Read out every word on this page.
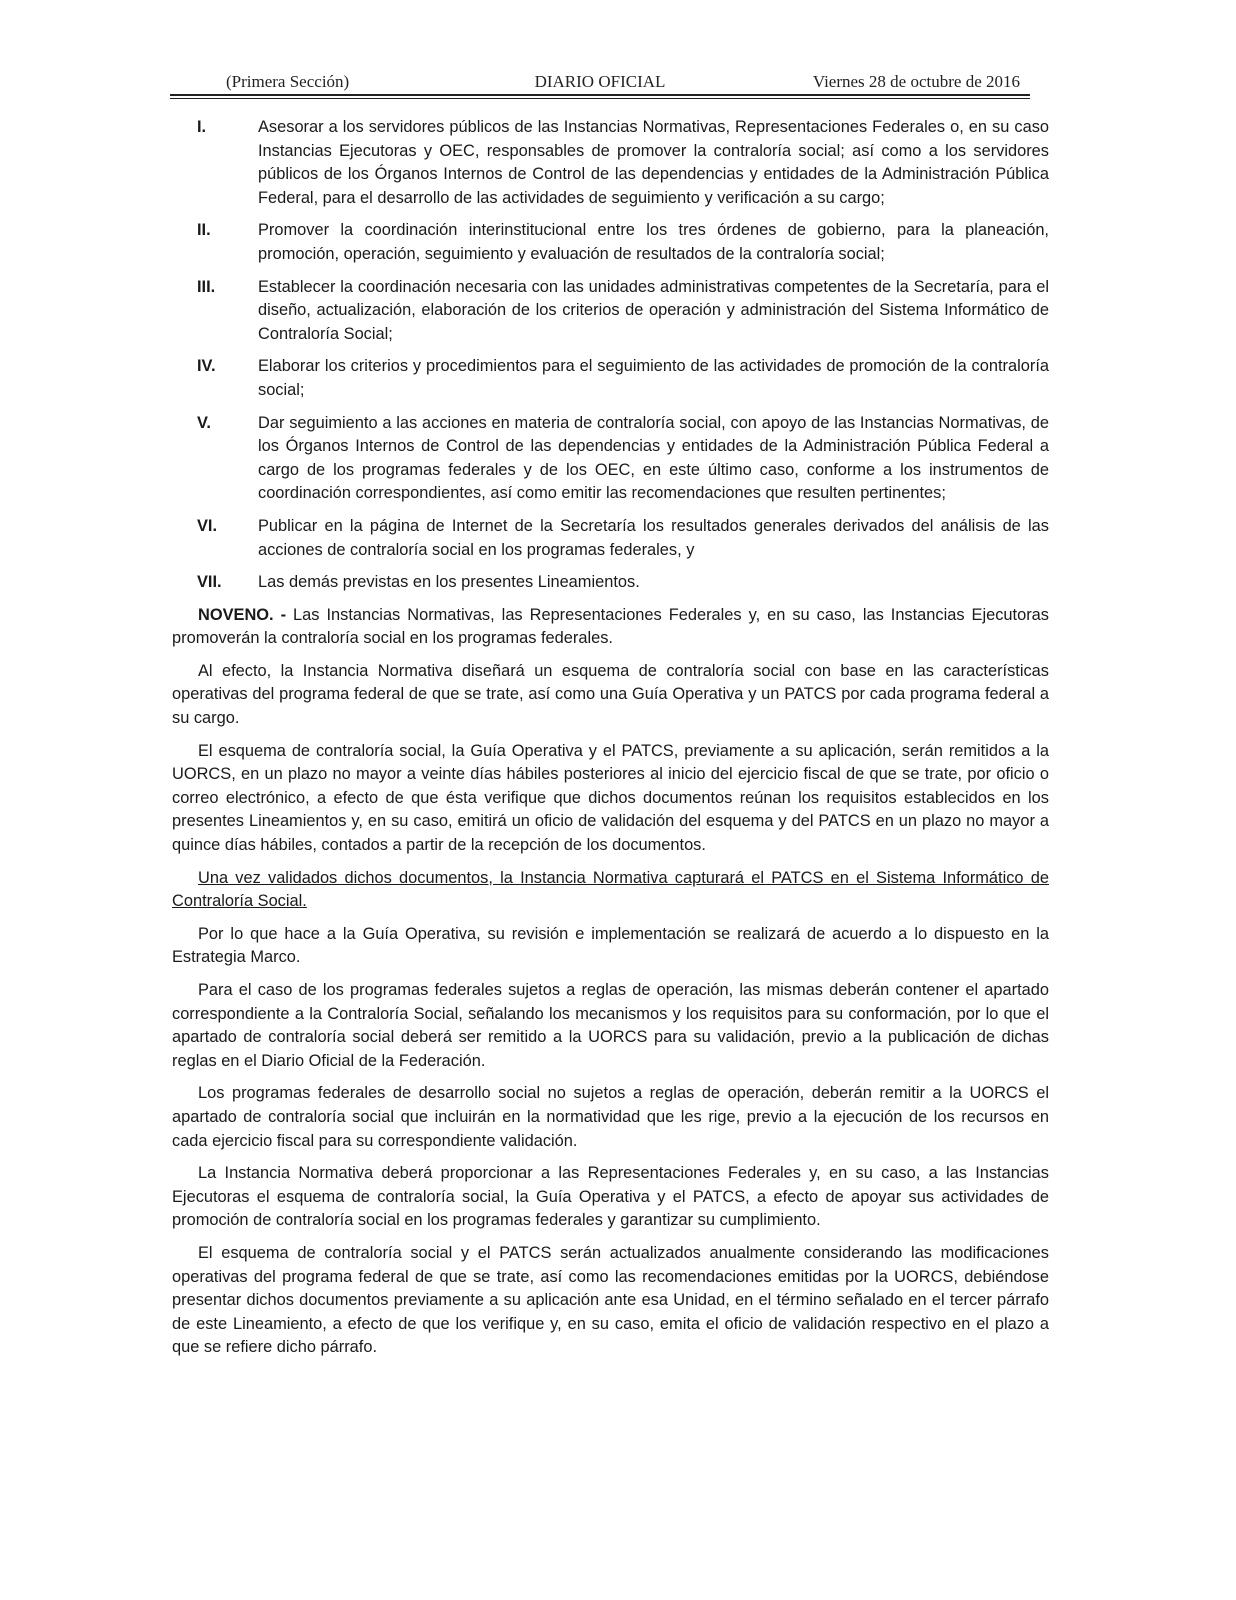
(Primera Sección)	DIARIO OFICIAL	Viernes 28 de octubre de 2016
I.	Asesorar a los servidores públicos de las Instancias Normativas, Representaciones Federales o, en su caso Instancias Ejecutoras y OEC, responsables de promover la contraloría social; así como a los servidores públicos de los Órganos Internos de Control de las dependencias y entidades de la Administración Pública Federal, para el desarrollo de las actividades de seguimiento y verificación a su cargo;
II.	Promover la coordinación interinstitucional entre los tres órdenes de gobierno, para la planeación, promoción, operación, seguimiento y evaluación de resultados de la contraloría social;
III.	Establecer la coordinación necesaria con las unidades administrativas competentes de la Secretaría, para el diseño, actualización, elaboración de los criterios de operación y administración del Sistema Informático de Contraloría Social;
IV.	Elaborar los criterios y procedimientos para el seguimiento de las actividades de promoción de la contraloría social;
V.	Dar seguimiento a las acciones en materia de contraloría social, con apoyo de las Instancias Normativas, de los Órganos Internos de Control de las dependencias y entidades de la Administración Pública Federal a cargo de los programas federales y de los OEC, en este último caso, conforme a los instrumentos de coordinación correspondientes, así como emitir las recomendaciones que resulten pertinentes;
VI.	Publicar en la página de Internet de la Secretaría los resultados generales derivados del análisis de las acciones de contraloría social en los programas federales, y
VII.	Las demás previstas en los presentes Lineamientos.

NOVENO. - Las Instancias Normativas, las Representaciones Federales y, en su caso, las Instancias Ejecutoras promoverán la contraloría social en los programas federales.

Al efecto, la Instancia Normativa diseñará un esquema de contraloría social con base en las características operativas del programa federal de que se trate, así como una Guía Operativa y un PATCS por cada programa federal a su cargo.

El esquema de contraloría social, la Guía Operativa y el PATCS, previamente a su aplicación, serán remitidos a la UORCS, en un plazo no mayor a veinte días hábiles posteriores al inicio del ejercicio fiscal de que se trate, por oficio o correo electrónico, a efecto de que ésta verifique que dichos documentos reúnan los requisitos establecidos en los presentes Lineamientos y, en su caso, emitirá un oficio de validación del esquema y del PATCS en un plazo no mayor a quince días hábiles, contados a partir de la recepción de los documentos.

Una vez validados dichos documentos, la Instancia Normativa capturará el PATCS en el Sistema Informático de Contraloría Social.

Por lo que hace a la Guía Operativa, su revisión e implementación se realizará de acuerdo a lo dispuesto en la Estrategia Marco.

Para el caso de los programas federales sujetos a reglas de operación, las mismas deberán contener el apartado correspondiente a la Contraloría Social, señalando los mecanismos y los requisitos para su conformación, por lo que el apartado de contraloría social deberá ser remitido a la UORCS para su validación, previo a la publicación de dichas reglas en el Diario Oficial de la Federación.

Los programas federales de desarrollo social no sujetos a reglas de operación, deberán remitir a la UORCS el apartado de contraloría social que incluirán en la normatividad que les rige, previo a la ejecución de los recursos en cada ejercicio fiscal para su correspondiente validación.

La Instancia Normativa deberá proporcionar a las Representaciones Federales y, en su caso, a las Instancias Ejecutoras el esquema de contraloría social, la Guía Operativa y el PATCS, a efecto de apoyar sus actividades de promoción de contraloría social en los programas federales y garantizar su cumplimiento.

El esquema de contraloría social y el PATCS serán actualizados anualmente considerando las modificaciones operativas del programa federal de que se trate, así como las recomendaciones emitidas por la UORCS, debiéndose presentar dichos documentos previamente a su aplicación ante esa Unidad, en el término señalado en el tercer párrafo de este Lineamiento, a efecto de que los verifique y, en su caso, emita el oficio de validación respectivo en el plazo a que se refiere dicho párrafo.
